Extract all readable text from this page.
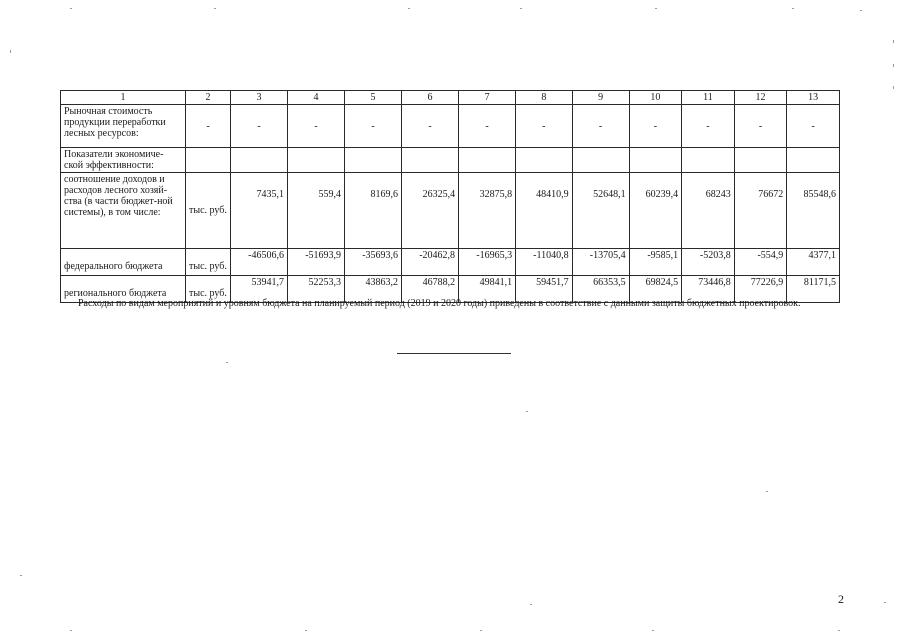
1	2	3	4	5	6	7	8	9	10	11	12	13
Рыночная стоимость продукции переработки лесных ресурсов:	-	-	-	-	-	-	-	-	-	-	-	-
Показатели экономиче-ской эффективности:												
соотношение доходов и расходов лесного хозяй-ства (в части бюджет-ной системы), в том числе:	тыс. руб.	7435,1	559,4	8169,6	26325,4	32875,8	48410,9	52648,1	60239,4	68243	76672	85548,6
федерального бюджета	тыс. руб.	-46506,6	-51693,9	-35693,6	-20462,8	-16965,3	-11040,8	-13705,4	-9585,1	-5203,8	-554,9	4377,1
регионального бюджета	тыс. руб.	53941,7	52253,3	43863,2	46788,2	49841,1	59451,7	66353,5	69824,5	73446,8	77226,9	81171,5
Расходы по видам мероприятий и уровням бюджета на планируемый период (2019 и 2020 годы) приведены в соответствие с данными защиты бюджетных проектировок.
2
